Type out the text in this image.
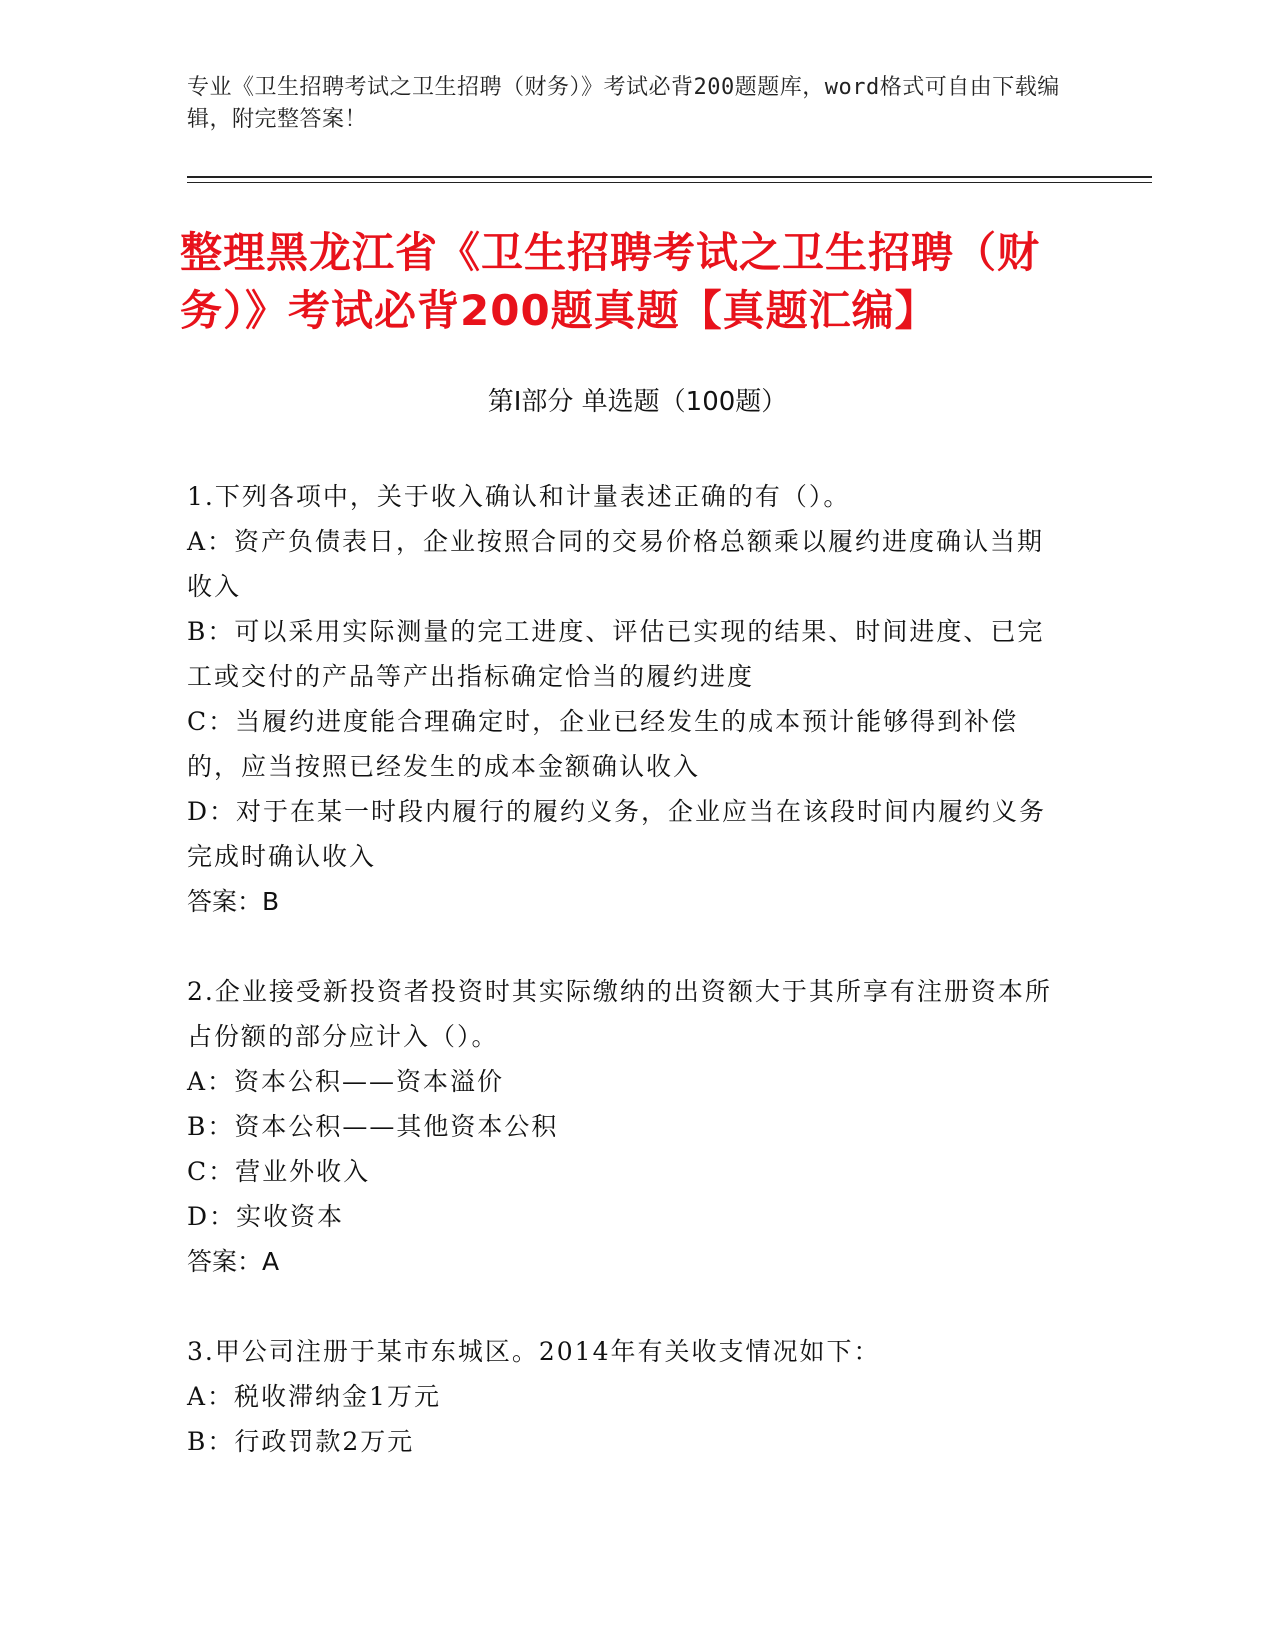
专业《卫生招聘考试之卫生招聘（财务）》考试必背200题题库，word格式可自由下载编辑，附完整答案！
整理黑龙江省《卫生招聘考试之卫生招聘（财务）》考试必背200题真题【真题汇编】
第I部分 单选题（100题）
1.下列各项中，关于收入确认和计量表述正确的有（）。
A：资产负债表日，企业按照合同的交易价格总额乘以履约进度确认当期收入
B：可以采用实际测量的完工进度、评估已实现的结果、时间进度、已完工或交付的产品等产出指标确定恰当的履约进度
C：当履约进度能合理确定时，企业已经发生的成本预计能够得到补偿的，应当按照已经发生的成本金额确认收入
D：对于在某一时段内履行的履约义务，企业应当在该段时间内履约义务完成时确认收入
答案：B
2.企业接受新投资者投资时其实际缴纳的出资额大于其所享有注册资本所占份额的部分应计入（）。
A：资本公积——资本溢价
B：资本公积——其他资本公积
C：营业外收入
D：实收资本
答案：A
3.甲公司注册于某市东城区。2014年有关收支情况如下：
A：税收滞纳金1万元
B：行政罚款2万元
